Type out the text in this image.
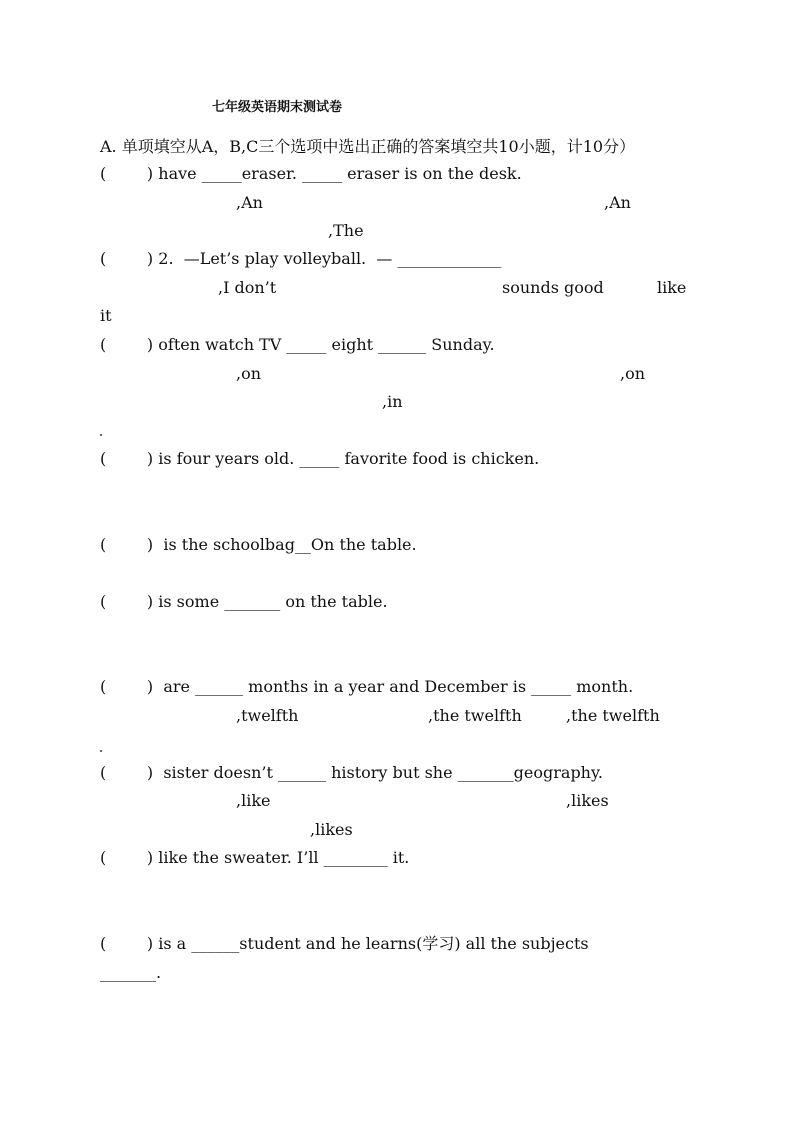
七年级英语期末测试卷
A. 单项填空从A，B,C三个选项中选出正确的答案填空共10小题，计10分）
(        ) have _____eraser. _____ eraser is on the desk.
,An	,An
,The
(        ) 2.  —Let’s play volleyball.  — _____________
,I don’t	sounds good	like
it
(        ) often watch TV _____ eight ______ Sunday.
,on	,on
,in
(        ) is four years old. _____ favorite food is chicken.
(        )  is the schoolbag__On the table.
(        ) is some _______ on the table.
(        )  are ______ months in a year and December is _____ month.
,twelfth	,the twelfth	,the twelfth
(        )  sister doesn’t ______ history but she _______geography.
,like	,likes
,likes
(        ) like the sweater. I’ll ________ it.
(        ) is a ______student and he learns(学习) all the subjects
_______.
